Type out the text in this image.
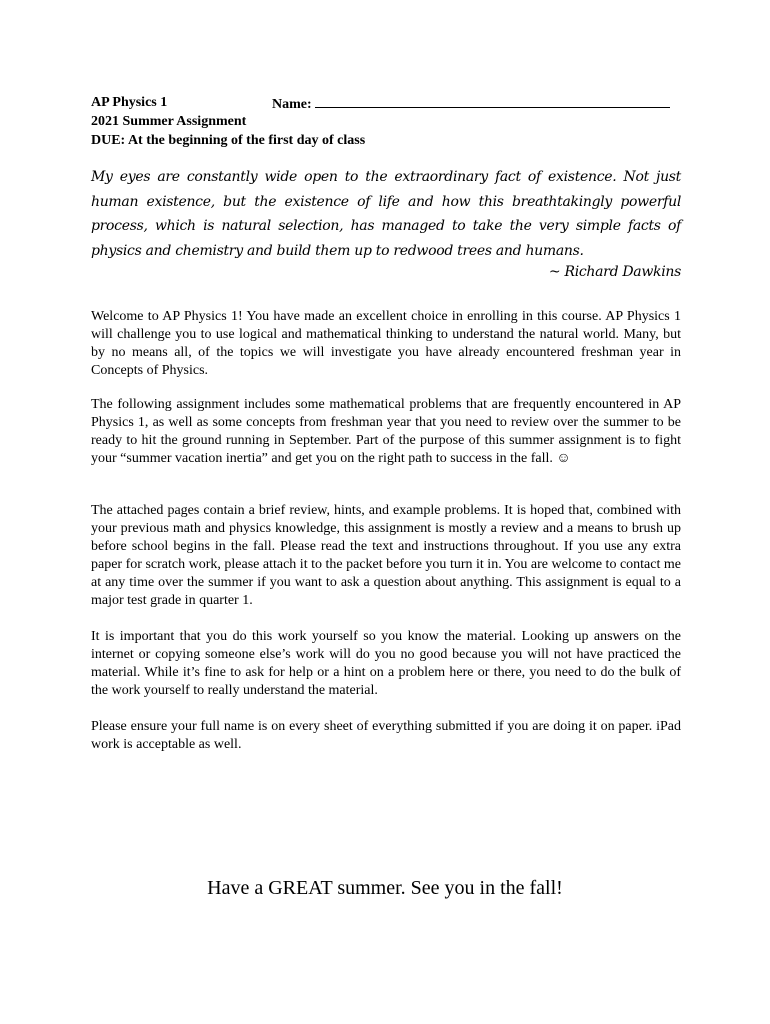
AP Physics 1	Name:
2021 Summer Assignment
DUE: At the beginning of the first day of class
My eyes are constantly wide open to the extraordinary fact of existence. Not just human existence, but the existence of life and how this breathtakingly powerful process, which is natural selection, has managed to take the very simple facts of physics and chemistry and build them up to redwood trees and humans.
~ Richard Dawkins
Welcome to AP Physics 1! You have made an excellent choice in enrolling in this course. AP Physics 1 will challenge you to use logical and mathematical thinking to understand the natural world. Many, but by no means all, of the topics we will investigate you have already encountered freshman year in Concepts of Physics.
The following assignment includes some mathematical problems that are frequently encountered in AP Physics 1, as well as some concepts from freshman year that you need to review over the summer to be ready to hit the ground running in September. Part of the purpose of this summer assignment is to fight your “summer vacation inertia” and get you on the right path to success in the fall. ☺
The attached pages contain a brief review, hints, and example problems. It is hoped that, combined with your previous math and physics knowledge, this assignment is mostly a review and a means to brush up before school begins in the fall. Please read the text and instructions throughout. If you use any extra paper for scratch work, please attach it to the packet before you turn it in. You are welcome to contact me at any time over the summer if you want to ask a question about anything. This assignment is equal to a major test grade in quarter 1.
It is important that you do this work yourself so you know the material. Looking up answers on the internet or copying someone else’s work will do you no good because you will not have practiced the material. While it’s fine to ask for help or a hint on a problem here or there, you need to do the bulk of the work yourself to really understand the material.
Please ensure your full name is on every sheet of everything submitted if you are doing it on paper. iPad work is acceptable as well.
Have a GREAT summer. See you in the fall!
